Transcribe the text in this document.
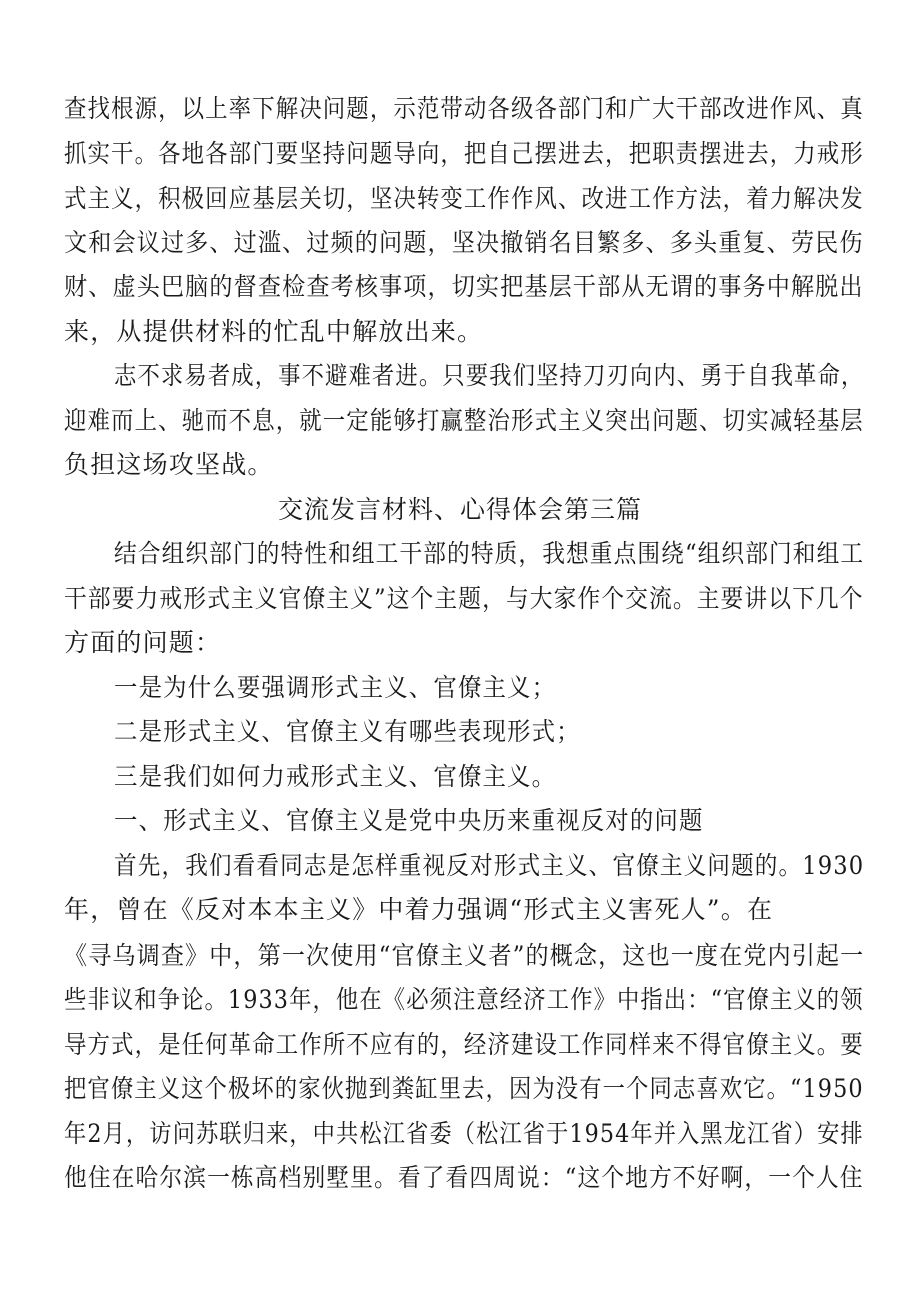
查找根源，以上率下解决问题，示范带动各级各部门和广大干部改进作风、真
抓实干。各地各部门要坚持问题导向，把自己摆进去，把职责摆进去，力戒形
式主义，积极回应基层关切，坚决转变工作作风、改进工作方法，着力解决发
文和会议过多、过滥、过频的问题，坚决撤销名目繁多、多头重复、劳民伤
财、虚头巴脑的督查检查考核事项，切实把基层干部从无谓的事务中解脱出
来，从提供材料的忙乱中解放出来。
志不求易者成，事不避难者进。只要我们坚持刀刃向内、勇于自我革命，
迎难而上、驰而不息，就一定能够打赢整治形式主义突出问题、切实减轻基层
负担这场攻坚战。
交流发言材料、心得体会第三篇
结合组织部门的特性和组工干部的特质，我想重点围绕“组织部门和组工
干部要力戒形式主义官僚主义”这个主题，与大家作个交流。主要讲以下几个
方面的问题：
一是为什么要强调形式主义、官僚主义；
二是形式主义、官僚主义有哪些表现形式；
三是我们如何力戒形式主义、官僚主义。
一、形式主义、官僚主义是党中央历来重视反对的问题
首先，我们看看同志是怎样重视反对形式主义、官僚主义问题的。1930
年，曾在《反对本本主义》中着力强调“形式主义害死人”。在
《寻乌调查》中，第一次使用“官僚主义者”的概念，这也一度在党内引起一
些非议和争论。1933年，他在《必须注意经济工作》中指出：“官僚主义的领
导方式，是任何革命工作所不应有的，经济建设工作同样来不得官僚主义。要
把官僚主义这个极坏的家伙抛到粪缸里去，因为没有一个同志喜欢它。“1950
年2月，访问苏联归来，中共松江省委（松江省于1954年并入黑龙江省）安排
他住在哈尔滨一栋高档别墅里。看了看四周说：“这个地方不好啊，一个人住
